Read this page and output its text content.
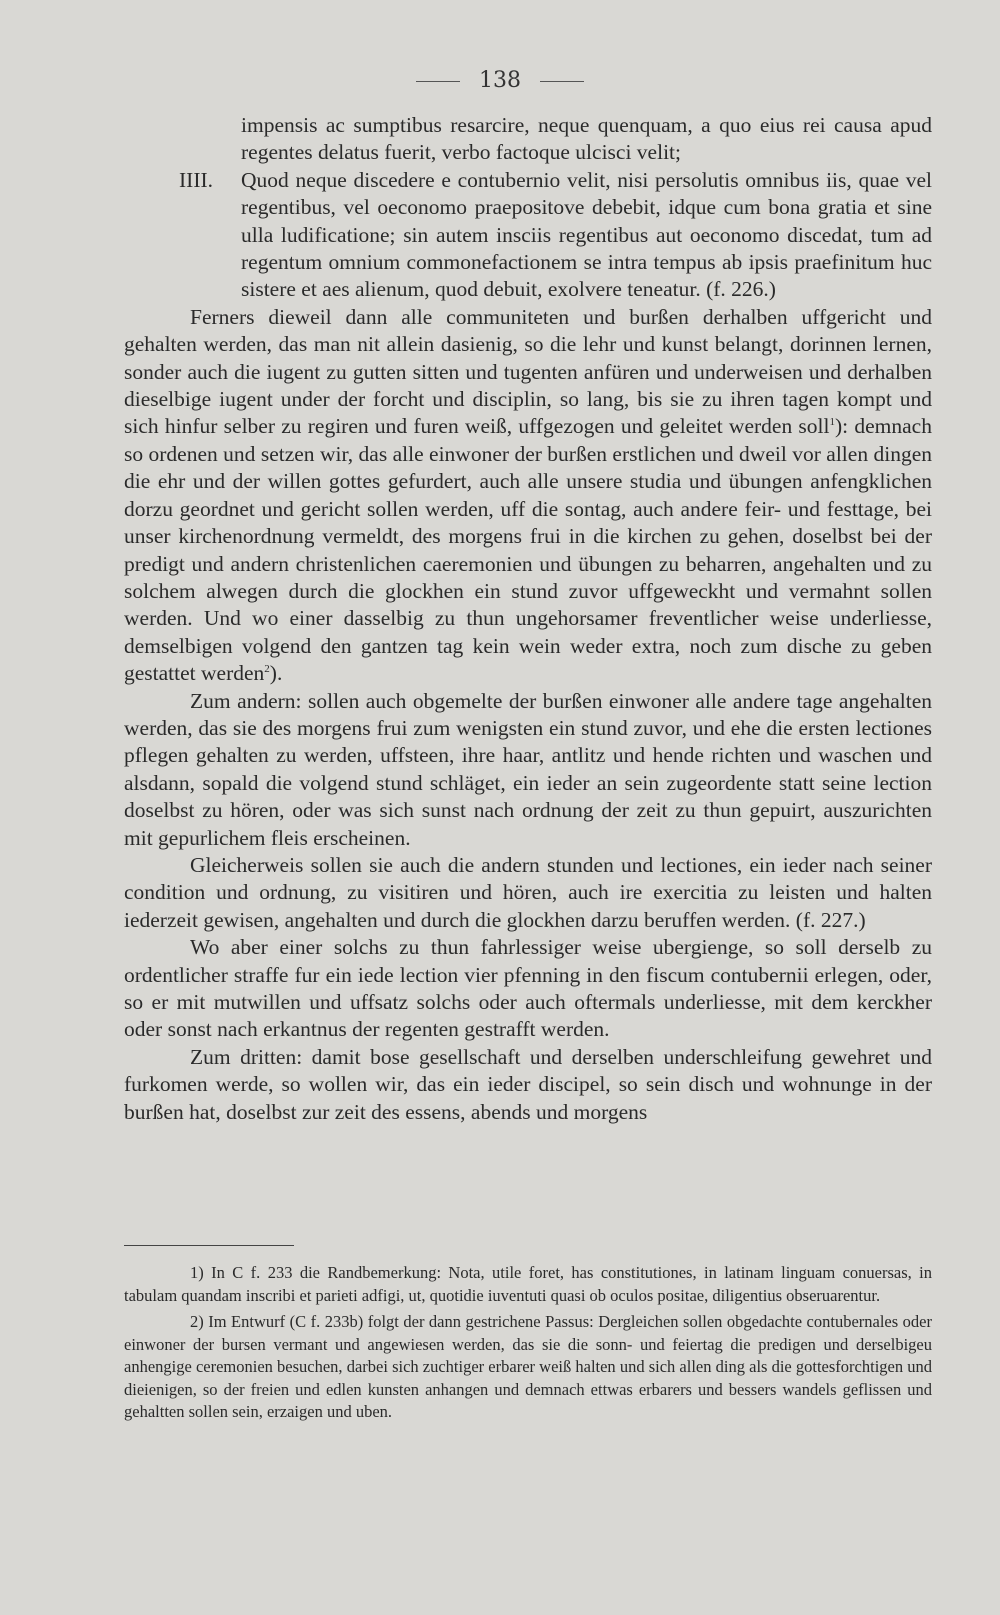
138

impensis ac sumptibus resarcire, neque quenquam, a quo eius rei causa apud regentes delatus fuerit, verbo factoque ulcisci velit;

IIII. Quod neque discedere e contubernio velit, nisi persolutis omnibus iis, quae vel regentibus, vel oeconomo praepositove debebit, idque cum bona gratia et sine ulla ludificatione; sin autem insciis regentibus aut oeconomo discedat, tum ad regentum omnium commonefactionem se intra tempus ab ipsis praefinitum huc sistere et aes alienum, quod debuit, exolvere teneatur. (f. 226.)

Ferners dieweil dann alle communiteten und burßen derhalben uffgericht und gehalten werden, das man nit allein dasienig, so die lehr und kunst belangt, dorinnen lernen, sonder auch die iugent zu gutten sitten und tugenten anfüren und underweisen und derhalben dieselbige iugent under der forcht und disciplin, so lang, bis sie zu ihren tagen kompt und sich hinfur selber zu regiren und furen weiß, uffgezogen und geleitet werden soll$^1$): demnach so ordenen und setzen wir, das alle einwoner der burßen erstlichen und dweil vor allen dingen die ehr und der willen gottes gefurdert, auch alle unsere studia und übungen anfengklichen dorzu geordnet und gericht sollen werden, uff die sontag, auch andere feir- und festtage, bei unser kirchenordnung vermeldt, des morgens frui in die kirchen zu gehen, doselbst bei der predigt und andern christenlichen caeremonien und übungen zu beharren, angehalten und zu solchem alwegen durch die glockhen ein stund zuvor uffgeweckht und vermahnt sollen werden. Und wo einer dasselbig zu thun ungehorsamer freventlicher weise underliesse, demselbigen volgend den gantzen tag kein wein weder extra, noch zum dische zu geben gestattet werden$^2$).

Zum andern: sollen auch obgemelte der burßen einwoner alle andere tage angehalten werden, das sie des morgens frui zum wenigsten ein stund zuvor, und ehe die ersten lectiones pflegen gehalten zu werden, uffsteen, ihre haar, antlitz und hende richten und waschen und alsdann, sopald die volgend stund schläget, ein ieder an sein zugeordente statt seine lection doselbst zu hören, oder was sich sunst nach ordnung der zeit zu thun gepuirt, auszurichten mit gepurlichem fleis erscheinen.

Gleicherweis sollen sie auch die andern stunden und lectiones, ein ieder nach seiner condition und ordnung, zu visitiren und hören, auch ire exercitia zu leisten und halten iederzeit gewisen, angehalten und durch die glockhen darzu beruffen werden. (f. 227.)

Wo aber einer solchs zu thun fahrlessiger weise ubergienge, so soll derselb zu ordentlicher straffe fur ein iede lection vier pfenning in den fiscum contubernii erlegen, oder, so er mit mutwillen und uffsatz solchs oder auch oftermals underliesse, mit dem kerckher oder sonst nach erkantnus der regenten gestrafft werden.

Zum dritten: damit bose gesellschaft und derselben underschleifung gewehret und furkomen werde, so wollen wir, das ein ieder discipel, so sein disch und wohnunge in der burßen hat, doselbst zur zeit des essens, abends und morgens

1) In C f. 233 die Randbemerkung: Nota, utile foret, has constitutiones, in latinam linguam conuersas, in tabulam quandam inscribi et parieti adfigi, ut, quotidie iuventuti quasi ob oculos positae, diligentius obseruarentur.

2) Im Entwurf (C f. 233b) folgt der dann gestrichene Passus: Dergleichen sollen obgedachte contubernales oder einwoner der bursen vermant und angewiesen werden, das sie die sonn- und feiertag die predigen und derselbigeu anhengige ceremonien besuchen, darbei sich zuchtiger erbarer weiß halten und sich allen ding als die gottesforchtigen und dieienigen, so der freien und edlen kunsten anhangen und demnach ettwas erbarers und bessers wandels geflissen und gehaltten sollen sein, erzaigen und uben.
